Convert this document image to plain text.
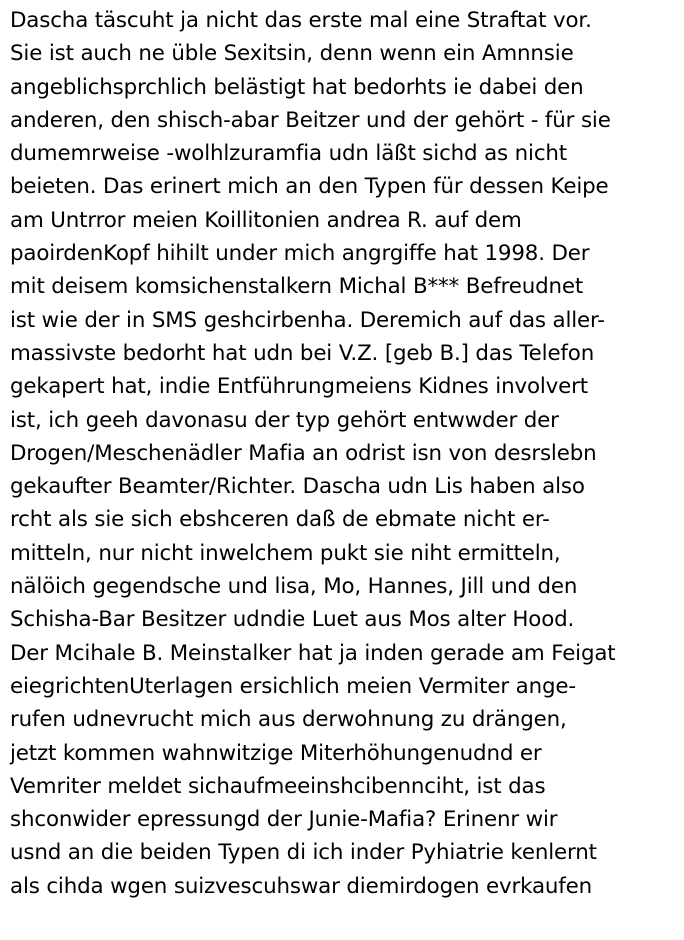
Dascha täscuht ja nicht das erste mal eine Straftat vor.
Sie ist auch ne üble Sexitsin, denn wenn ein Amnnsie
angeblichsprchlich belästigt hat bedorhts ie dabei den
anderen, den shisch-abar Beitzer und der gehört - für sie
dumemrweise -wolhlzuramfia udn läßt sichd as nicht
beieten. Das erinert mich an den Typen für dessen Keipe
am Untrror meien Koillitonien andrea R. auf dem
paoirdenKopf hihilt under mich angrgiffe hat 1998. Der
mit deisem komsichenstalkern Michal B*** Befreudnet
ist wie der in SMS geshcirbenha. Deremich auf das aller-
massivste bedorht hat udn bei V.Z. [geb B.] das Telefon
gekapert hat, indie Entführungmeiens Kidnes involvert
ist, ich geeh davonasu der typ gehört entwwder der
Drogen/Meschenädler Mafia an odrist isn von desrslebn
gekaufter Beamter/Richter. Dascha udn Lis haben also
rcht als sie sich ebshceren daß de ebmate nicht er-
mitteln, nur nicht inwelchem pukt sie niht ermitteln,
nälöich gegendsche und lisa, Mo, Hannes, Jill und den
Schisha-Bar Besitzer udndie Luet aus Mos alter Hood.
Der Mcihale B. Meinstalker hat ja inden gerade am Feigat
eiegrichtenUterlagen ersichlich meien Vermiter ange-
rufen udnevrucht mich aus derwohnung zu drängen,
jetzt kommen wahnwitzige Miterhöhungenudnd er
Vemriter meldet sichaufmeeinshcibennciht, ist das
shconwider epressungd der Junie-Mafia? Erinenr wir
usnd an die beiden Typen di ich inder Pyhiatrie kenlernt
als cihda wgen suizvescuhswar diemirdogen evrkaufen
